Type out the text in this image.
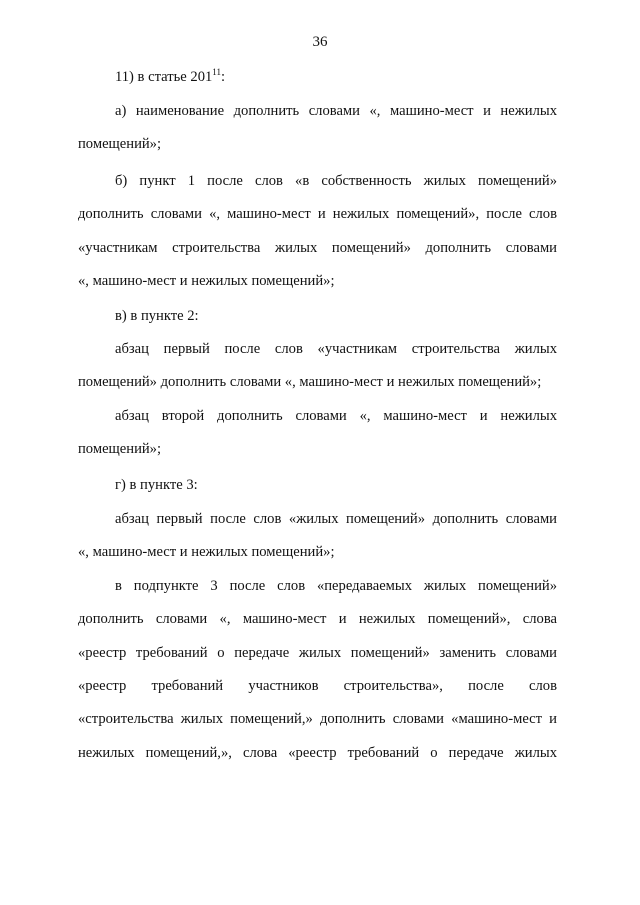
36
11) в статье $201^{11}$:
а) наименование дополнить словами «, машино-мест и нежилых
помещений»;
б) пункт 1 после слов «в собственность жилых помещений»
дополнить словами «, машино-мест и нежилых помещений», после слов
«участникам строительства жилых помещений» дополнить словами
«, машино-мест и нежилых помещений»;
в) в пункте 2:
абзац первый после слов «участникам строительства жилых
помещений» дополнить словами «, машино-мест и нежилых помещений»;
абзац второй дополнить словами «, машино-мест и нежилых
помещений»;
г) в пункте 3:
абзац первый после слов «жилых помещений» дополнить словами
«, машино-мест и нежилых помещений»;
в подпункте 3 после слов «передаваемых жилых помещений»
дополнить словами «, машино-мест и нежилых помещений», слова
«реестр требований о передаче жилых помещений» заменить словами
«реестр требований участников строительства», после слов
«строительства жилых помещений,» дополнить словами «машино-мест и
нежилых помещений,», слова «реестр требований о передаче жилых
